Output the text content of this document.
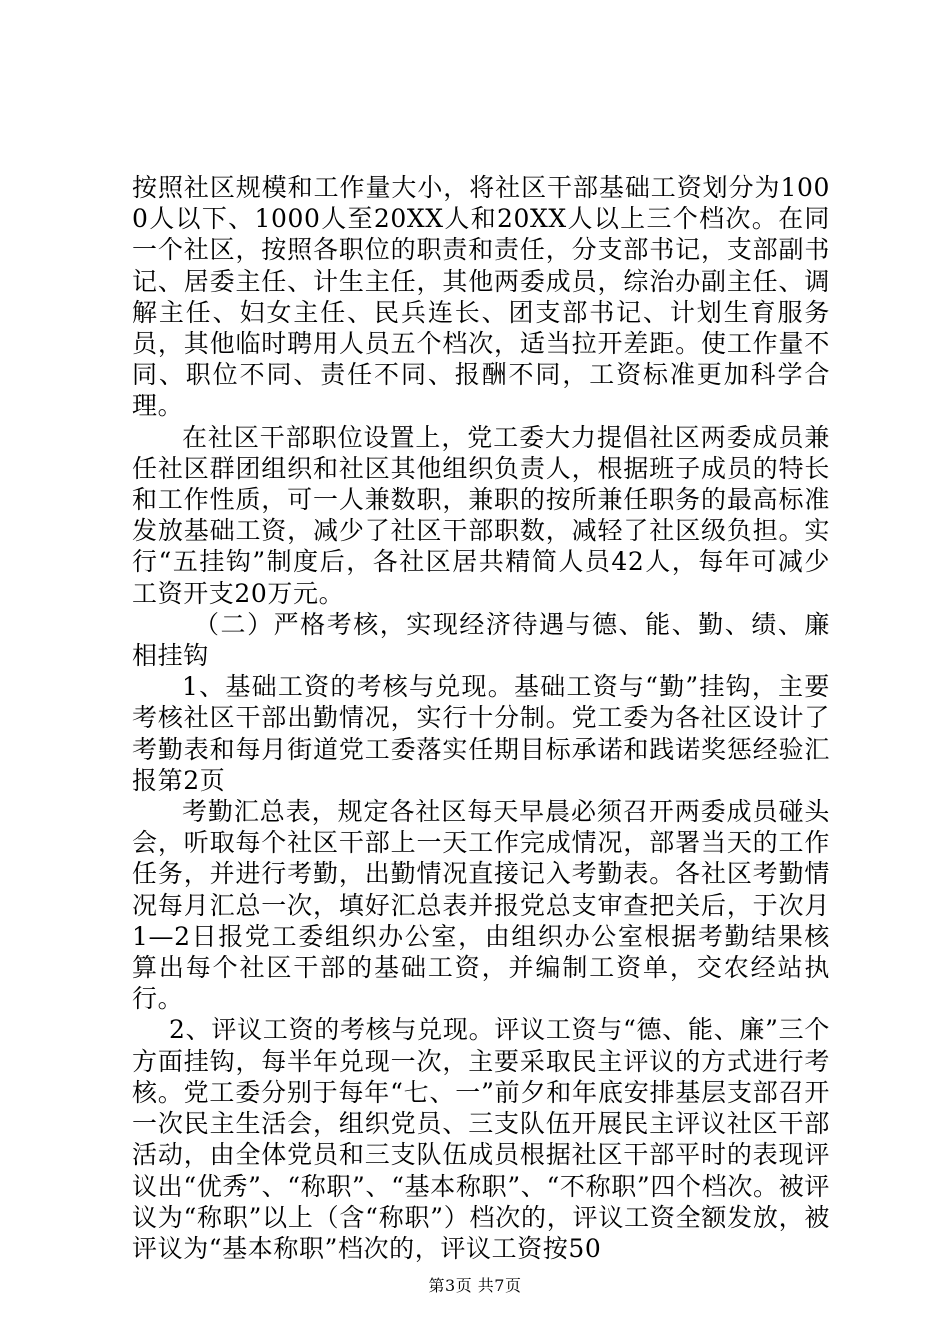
按照社区规模和工作量大小，将社区干部基础工资划分为1000人以下、1000人至20XX人和20XX人以上三个档次。在同一个社区，按照各职位的职责和责任，分支部书记，支部副书记、居委主任、计生主任，其他两委成员，综治办副主任、调解主任、妇女主任、民兵连长、团支部书记、计划生育服务员，其他临时聘用人员五个档次，适当拉开差距。使工作量不同、职位不同、责任不同、报酬不同，工资标准更加科学合理。

在社区干部职位设置上，党工委大力提倡社区两委成员兼任社区群团组织和社区其他组织负责人，根据班子成员的特长和工作性质，可一人兼数职，兼职的按所兼任职务的最高标准发放基础工资，减少了社区干部职数，减轻了社区级负担。实行“五挂钩”制度后，各社区居共精简人员42人，每年可减少工资开支20万元。

（二）严格考核，实现经济待遇与德、能、勤、绩、廉相挂钩

1、基础工资的考核与兑现。基础工资与“勤”挂钩，主要考核社区干部出勤情况，实行十分制。党工委为各社区设计了考勤表和每月街道党工委落实任期目标承诺和践诺奖惩经验汇报第2页

考勤汇总表，规定各社区每天早晨必须召开两委成员碰头会，听取每个社区干部上一天工作完成情况，部署当天的工作任务，并进行考勤，出勤情况直接记入考勤表。各社区考勤情况每月汇总一次，填好汇总表并报党总支审查把关后，于次月1—2日报党工委组织办公室，由组织办公室根据考勤结果核算出每个社区干部的基础工资，并编制工资单，交农经站执行。

2、评议工资的考核与兑现。评议工资与“德、能、廉”三个方面挂钩，每半年兑现一次，主要采取民主评议的方式进行考核。党工委分别于每年“七、一”前夕和年底安排基层支部召开一次民主生活会，组织党员、三支队伍开展民主评议社区干部活动，由全体党员和三支队伍成员根据社区干部平时的表现评议出“优秀”、“称职”、“基本称职”、“不称职”四个档次。被评议为“称职”以上（含“称职”）档次的，评议工资全额发放，被评议为“基本称职”档次的，评议工资按50

第3页 共7页
